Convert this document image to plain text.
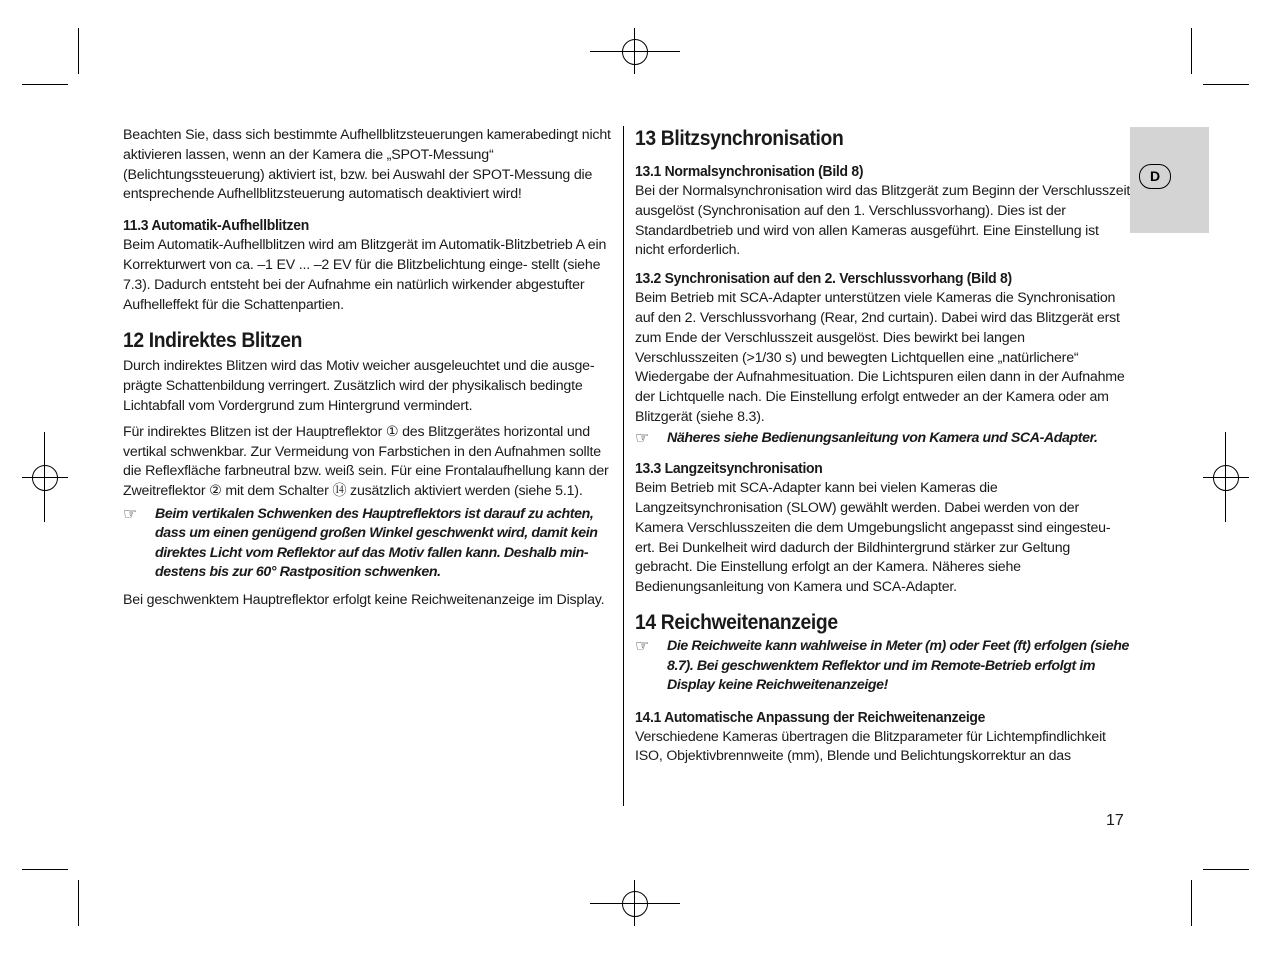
Beachten Sie, dass sich bestimmte Aufhellblitzsteuerungen kamerabedingt nicht aktivieren lassen, wenn an der Kamera die „SPOT-Messung“ (Belichtungssteuerung) aktiviert ist, bzw. bei Auswahl der SPOT-Messung die entsprechende Aufhellblitzsteuerung automatisch deaktiviert wird!

11.3 Automatik-Aufhellblitzen

Beim Automatik-Aufhellblitzen wird am Blitzgerät im Automatik-Blitzbetrieb A ein Korrekturwert von ca. –1 EV ... –2 EV für die Blitzbelichtung einge- stellt (siehe 7.3). Dadurch entsteht bei der Aufnahme ein natürlich wirkender abgestufter Aufhelleffekt für die Schattenpartien.

12 Indirektes Blitzen

Durch indirektes Blitzen wird das Motiv weicher ausgeleuchtet und die ausge- prägte Schattenbildung verringert. Zusätzlich wird der physikalisch bedingte Lichtabfall vom Vordergrund zum Hintergrund vermindert.

Für indirektes Blitzen ist der Hauptreflektor ① des Blitzgerätes horizontal und vertikal schwenkbar. Zur Vermeidung von Farbstichen in den Aufnahmen sollte die Reflexfläche farbneutral bzw. weiß sein. Für eine Frontalaufhellung kann der Zweitreflektor ② mit dem Schalter ⑭ zusätzlich aktiviert werden (siehe 5.1).

☞	Beim vertikalen Schwenken des Hauptreflektors ist darauf zu achten, dass um einen genügend großen Winkel geschwenkt wird, damit kein direktes Licht vom Reflektor auf das Motiv fallen kann. Deshalb min- destens bis zur 60° Rastposition schwenken.

Bei geschwenktem Hauptreflektor erfolgt keine Reichweitenanzeige im Display.

13 Blitzsynchronisation
13.1 Normalsynchronisation (Bild 8)

Bei der Normalsynchronisation wird das Blitzgerät zum Beginn der Verschlusszeit ausgelöst (Synchronisation auf den 1. Verschlussvorhang). Dies ist der Standardbetrieb und wird von allen Kameras ausgeführt. Eine Einstellung ist nicht erforderlich.

13.2 Synchronisation auf den 2. Verschlussvorhang (Bild 8)

Beim Betrieb mit SCA-Adapter unterstützen viele Kameras die Synchronisation auf den 2. Verschlussvorhang (Rear, 2nd curtain). Dabei wird das Blitzgerät erst zum Ende der Verschlusszeit ausgelöst. Dies bewirkt bei langen Verschlusszeiten (>1/30 s) und bewegten Lichtquellen eine „natürlichere“ Wiedergabe der Aufnahmesituation. Die Lichtspuren eilen dann in der Aufnahme der Lichtquelle nach. Die Einstellung erfolgt entweder an der Kamera oder am Blitzgerät (siehe 8.3).

☞	Näheres siehe Bedienungsanleitung von Kamera und SCA-Adapter.

13.3 Langzeitsynchronisation

Beim Betrieb mit SCA-Adapter kann bei vielen Kameras die Langzeitsynchronisation (SLOW) gewählt werden. Dabei werden von der Kamera Verschlusszeiten die dem Umgebungslicht angepasst sind eingesteu- ert. Bei Dunkelheit wird dadurch der Bildhintergrund stärker zur Geltung gebracht. Die Einstellung erfolgt an der Kamera. Näheres siehe Bedienungsanleitung von Kamera und SCA-Adapter.

14 Reichweitenanzeige
☞	Die Reichweite kann wahlweise in Meter (m) oder Feet (ft) erfolgen (siehe 8.7). Bei geschwenktem Reflektor und im Remote-Betrieb erfolgt im Display keine Reichweitenanzeige!

14.1 Automatische Anpassung der Reichweitenanzeige

Verschiedene Kameras übertragen die Blitzparameter für Lichtempfindlichkeit ISO, Objektivbrennweite (mm), Blende und Belichtungskorrektur an das

D
17
